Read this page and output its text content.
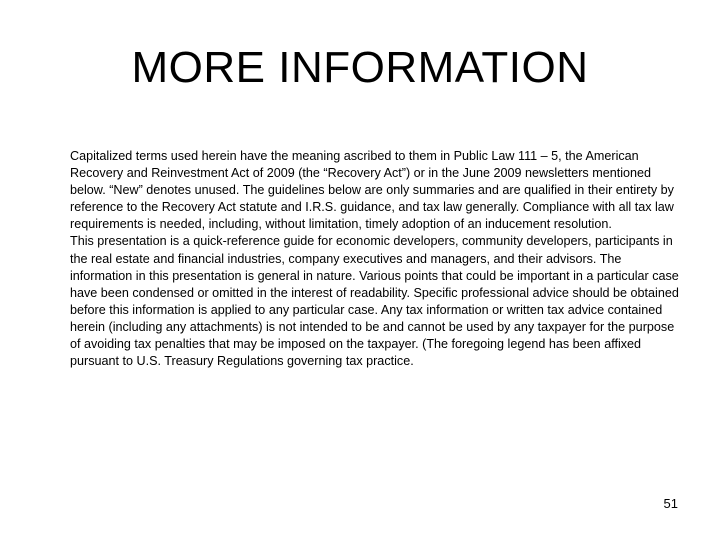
MORE INFORMATION

Capitalized terms used herein have the meaning ascribed to them in Public Law 111 – 5, the American Recovery and Reinvestment Act of 2009 (the “Recovery Act”) or in the June 2009 newsletters mentioned below. “New” denotes unused. The guidelines below are only summaries and are qualified in their entirety by reference to the Recovery Act statute and I.R.S. guidance, and tax law generally. Compliance with all tax law requirements is needed, including, without limitation, timely adoption of an inducement resolution.

This presentation is a quick-reference guide for economic developers, community developers, participants in the real estate and financial industries, company executives and managers, and their advisors. The information in this presentation is general in nature. Various points that could be important in a particular case have been condensed or omitted in the interest of readability. Specific professional advice should be obtained before this information is applied to any particular case. Any tax information or written tax advice contained herein (including any attachments) is not intended to be and cannot be used by any taxpayer for the purpose of avoiding tax penalties that may be imposed on the taxpayer. (The foregoing legend has been affixed pursuant to U.S. Treasury Regulations governing tax practice.

51
